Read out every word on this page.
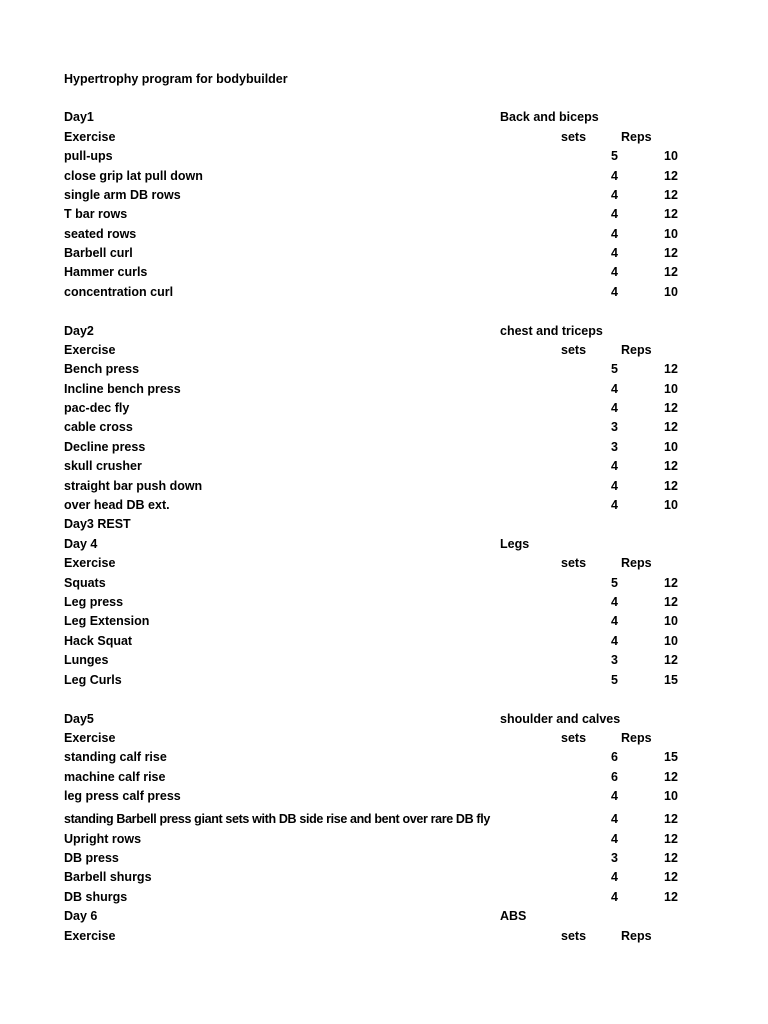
Hypertrophy program for bodybuilder
Day1	Back and biceps
Exercise	sets	Reps
pull-ups	5	10
close grip lat pull down	4	12
single arm DB rows	4	12
T bar rows	4	12
seated rows	4	10
Barbell curl	4	12
Hammer curls	4	12
concentration curl	4	10
Day2	chest and triceps
Exercise	sets	Reps
Bench press	5	12
Incline bench press	4	10
pac-dec fly	4	12
cable cross	3	12
Decline press	3	10
skull crusher	4	12
straight bar push down	4	12
over head DB ext.	4	10
Day3 REST
Day 4	Legs
Exercise	sets	Reps
Squats	5	12
Leg press	4	12
Leg Extension	4	10
Hack Squat	4	10
Lunges	3	12
Leg Curls	5	15
Day5	shoulder and calves
Exercise	sets	Reps
standing calf rise	6	15
machine calf rise	6	12
leg press calf press	4	10
standing Barbell press giant sets with DB side rise and bent over rare DB fly	4	12
Upright rows	4	12
DB press	3	12
Barbell shurgs	4	12
DB shurgs	4	12
Day 6	ABS
Exercise	sets	Reps
